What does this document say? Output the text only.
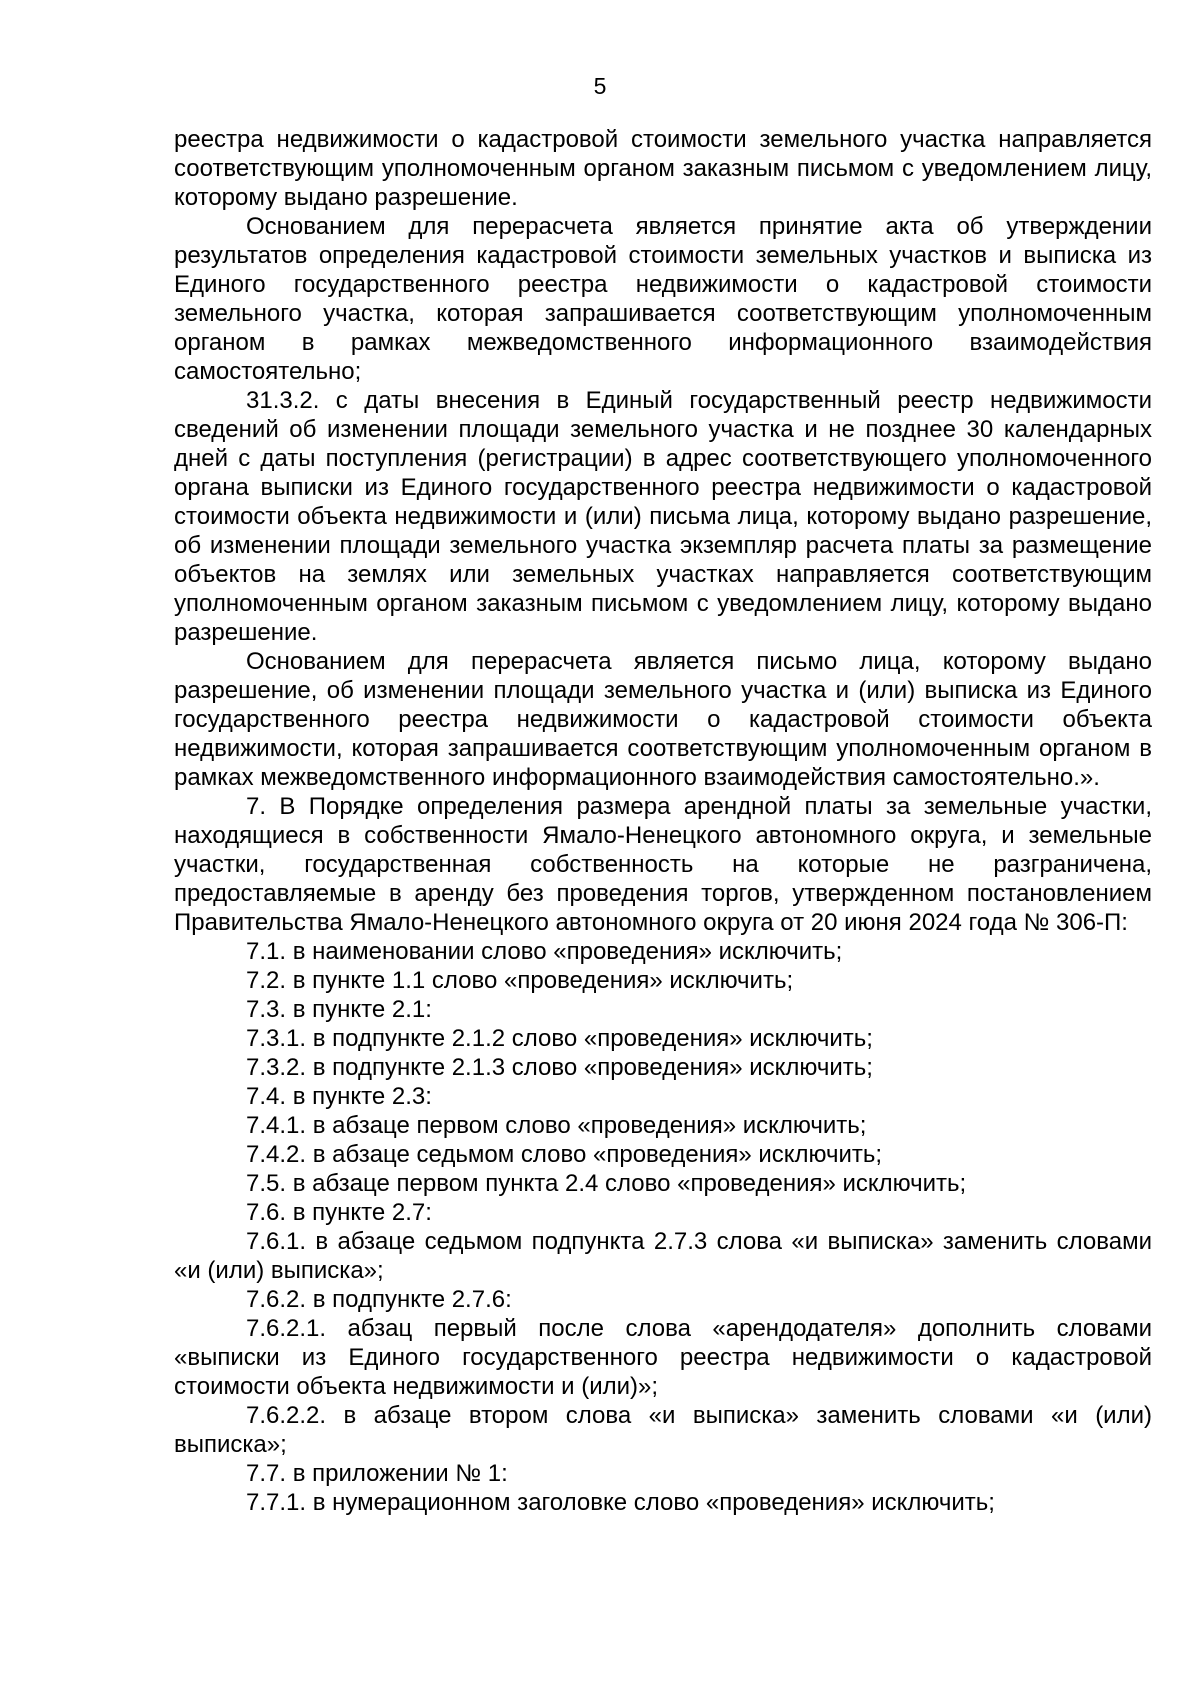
5

реестра недвижимости о кадастровой стоимости земельного участка направляется соответствующим уполномоченным органом заказным письмом с уведомлением лицу, которому выдано разрешение.

Основанием для перерасчета является принятие акта об утверждении результатов определения кадастровой стоимости земельных участков и выписка из Единого государственного реестра недвижимости о кадастровой стоимости земельного участка, которая запрашивается соответствующим уполномоченным органом в рамках межведомственного информационного взаимодействия самостоятельно;

31.3.2. с даты внесения в Единый государственный реестр недвижимости сведений об изменении площади земельного участка и не позднее 30 календарных дней с даты поступления (регистрации) в адрес соответствующего уполномоченного органа выписки из Единого государственного реестра недвижимости о кадастровой стоимости объекта недвижимости и (или) письма лица, которому выдано разрешение, об изменении площади земельного участка экземпляр расчета платы за размещение объектов на землях или земельных участках направляется соответствующим уполномоченным органом заказным письмом с уведомлением лицу, которому выдано разрешение.

Основанием для перерасчета является письмо лица, которому выдано разрешение, об изменении площади земельного участка и (или) выписка из Единого государственного реестра недвижимости о кадастровой стоимости объекта недвижимости, которая запрашивается соответствующим уполномоченным органом в рамках межведомственного информационного взаимодействия самостоятельно.».

7. В Порядке определения размера арендной платы за земельные участки, находящиеся в собственности Ямало-Ненецкого автономного округа, и земельные участки, государственная собственность на которые не разграничена, предоставляемые в аренду без проведения торгов, утвержденном постановлением Правительства Ямало-Ненецкого автономного округа от 20 июня 2024 года № 306-П:

7.1. в наименовании слово «проведения» исключить;

7.2. в пункте 1.1 слово «проведения» исключить;

7.3. в пункте 2.1:

7.3.1. в подпункте 2.1.2 слово «проведения» исключить;

7.3.2. в подпункте 2.1.3 слово «проведения» исключить;

7.4. в пункте 2.3:

7.4.1. в абзаце первом слово «проведения» исключить;

7.4.2. в абзаце седьмом слово «проведения» исключить;

7.5. в абзаце первом пункта 2.4 слово «проведения» исключить;

7.6. в пункте 2.7:

7.6.1. в абзаце седьмом подпункта 2.7.3 слова «и выписка» заменить словами «и (или) выписка»;

7.6.2. в подпункте 2.7.6:

7.6.2.1. абзац первый после слова «арендодателя» дополнить словами «выписки из Единого государственного реестра недвижимости о кадастровой стоимости объекта недвижимости и (или)»;

7.6.2.2. в абзаце втором слова «и выписка» заменить словами «и (или) выписка»;

7.7. в приложении № 1:

7.7.1. в нумерационном заголовке слово «проведения» исключить;
